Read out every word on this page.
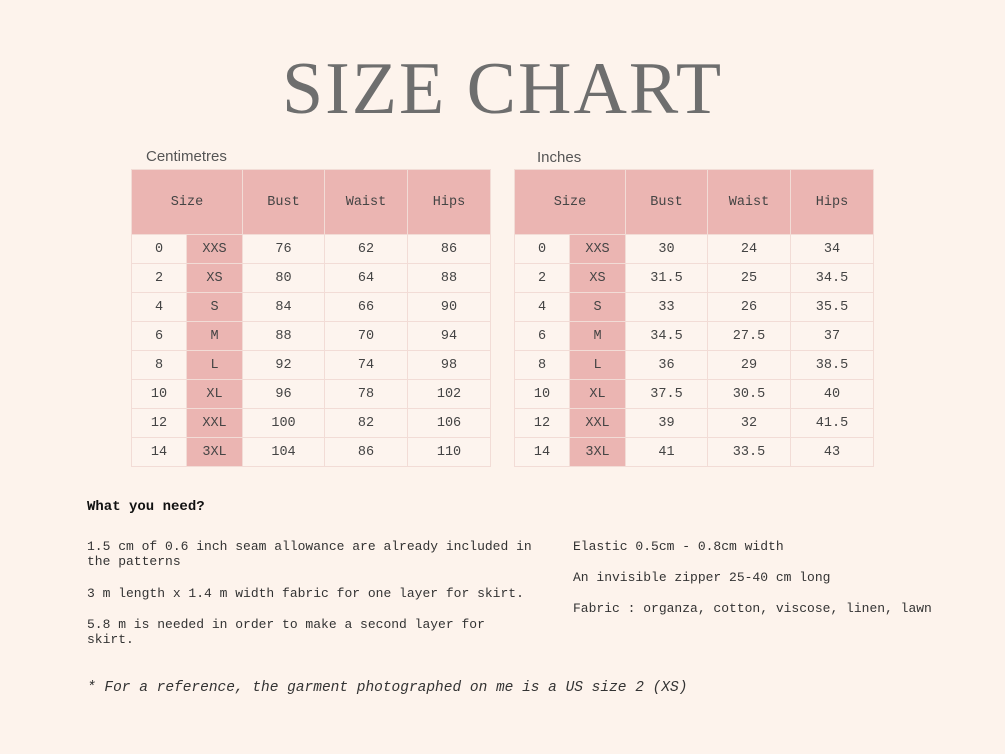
SIZE CHART
Centimetres	Inches
Size		Bust	Waist	Hips
0	XXS	76	62	86
2	XS	80	64	88
4	S	84	66	90
6	M	88	70	94
8	L	92	74	98
10	XL	96	78	102
12	XXL	100	82	106
14	3XL	104	86	110
Size		Bust	Waist	Hips
0	XXS	30	24	34
2	XS	31.5	25	34.5
4	S	33	26	35.5
6	M	34.5	27.5	37
8	L	36	29	38.5
10	XL	37.5	30.5	40
12	XXL	39	32	41.5
14	3XL	41	33.5	43
What you need?

1.5 cm of 0.6 inch seam allowance are already included in the patterns

3 m length x 1.4 m width fabric for one layer for skirt.

5.8 m is needed in order to make a second layer for skirt.

Elastic 0.5cm - 0.8cm width

An invisible zipper 25-40 cm long

Fabric : organza, cotton, viscose, linen, lawn

* For a reference, the garment photographed on me is a US size 2 (XS)
